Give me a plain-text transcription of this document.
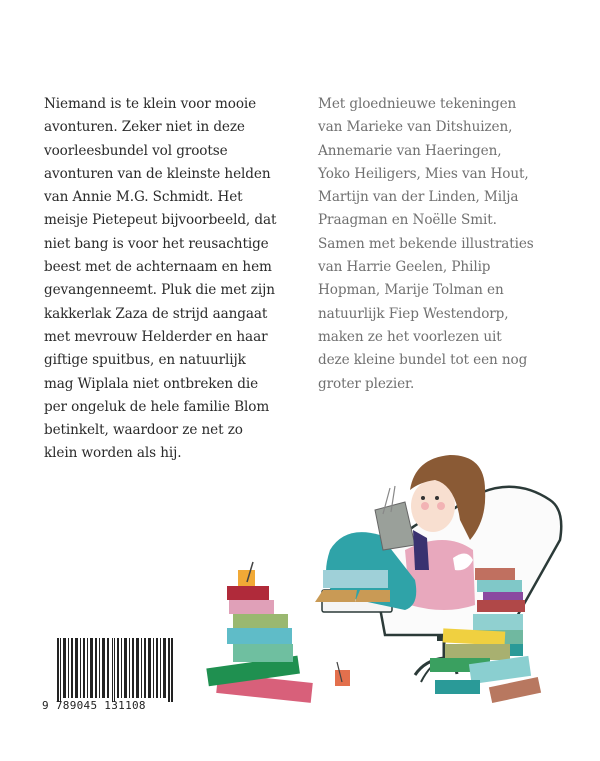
Niemand is te klein voor mooie
avonturen. Zeker niet in deze
voorleesbundel vol grootse
avonturen van de kleinste helden
van Annie M.G. Schmidt. Het
meisje Pietepeut bijvoorbeeld, dat
niet bang is voor het reusachtige
beest met de achternaam en hem
gevangenneemt. Pluk die met zijn
kakkerlak Zaza de strijd aangaat
met mevrouw Helderder en haar
giftige spuitbus, en natuurlijk
mag Wiplala niet ontbreken die
per ongeluk de hele familie Blom
betinkelt, waardoor ze net zo
klein worden als hij.
Met gloednieuwe tekeningen
van Marieke van Ditshuizen,
Annemarie van Haeringen,
Yoko Heiligers, Mies van Hout,
Martijn van der Linden, Milja
Praagman en Noëlle Smit.
Samen met bekende illustraties
van Harrie Geelen, Philip
Hopman, Marije Tolman en
natuurlijk Fiep Westendorp,
maken ze het voorlezen uit
deze kleine bundel tot een nog
groter plezier.
9 789045 131108
